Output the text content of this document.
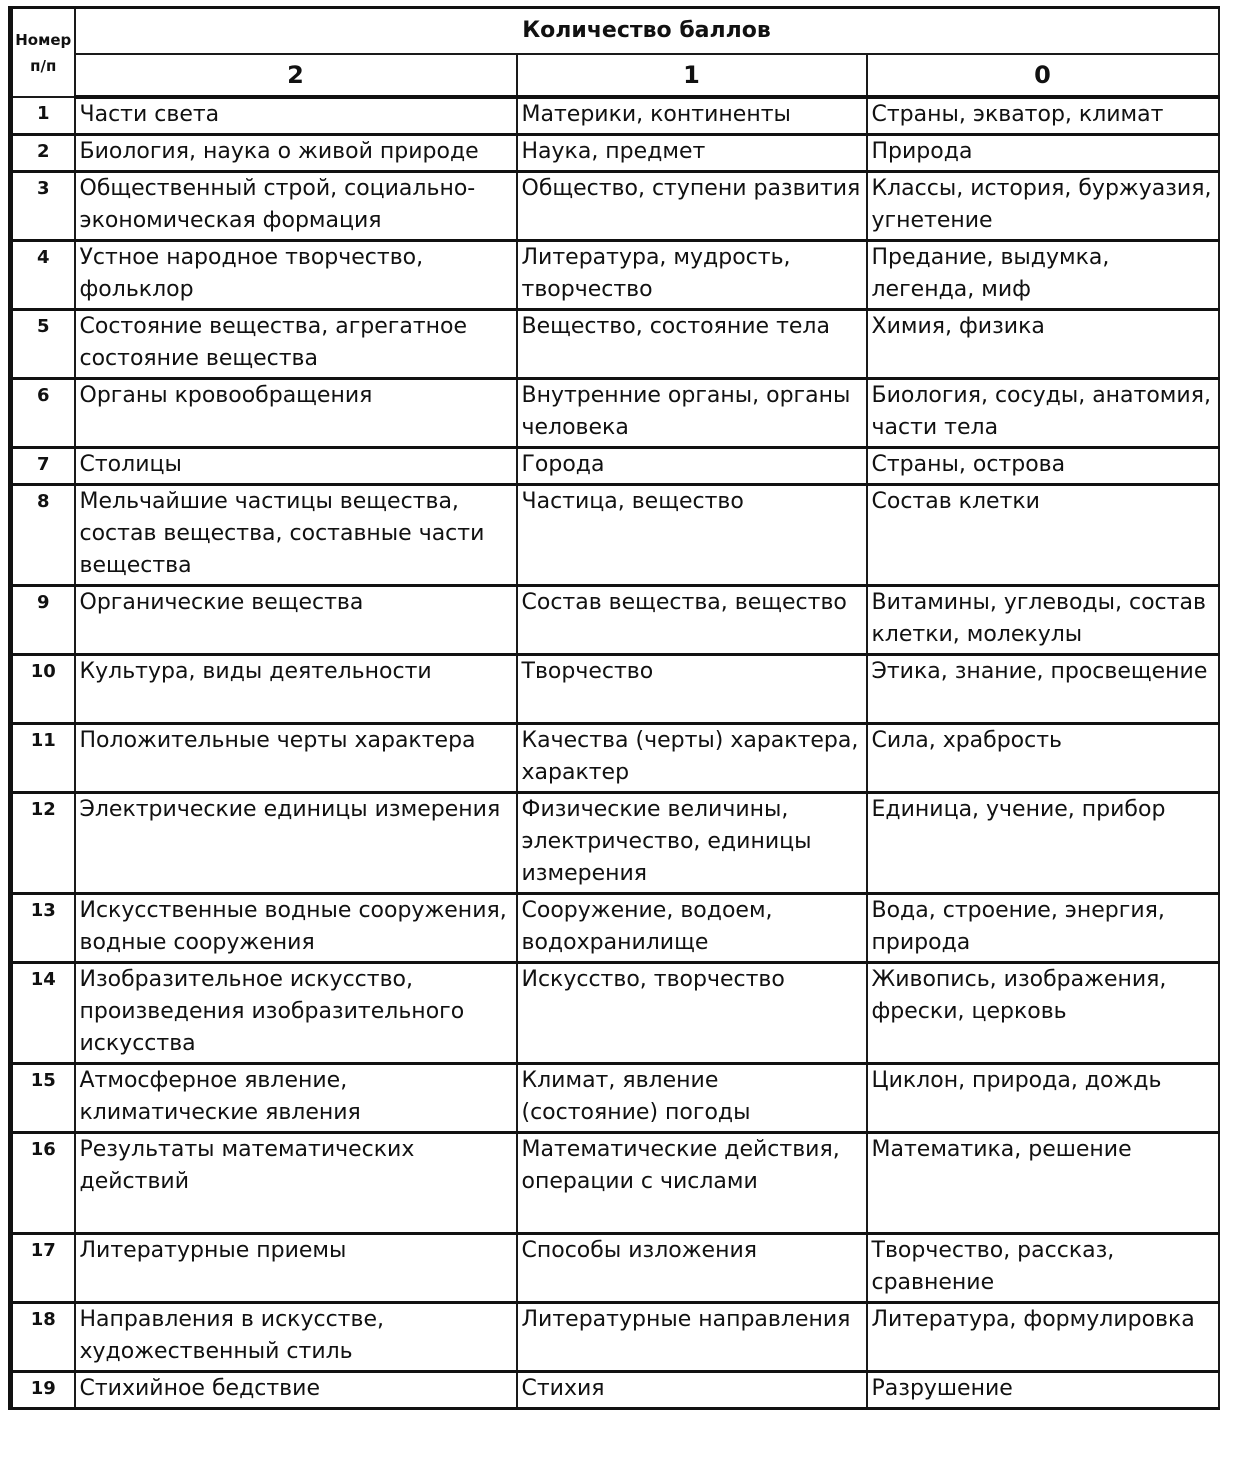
Номер п/п	Количество баллов		
	2	1	0
1	Части света	Материки, континенты	Страны, экватор, климат
2	Биология, наука о живой природе	Наука, предмет	Природа
3	Общественный строй, социально-экономическая формация	Общество, ступени развития	Классы, история, буржуазия, угнетение
4	Устное народное творчество, фольклор	Литература, мудрость, творчество	Предание, выдумка, легенда, миф
5	Состояние вещества, агрегатное состояние вещества	Вещество, состояние тела	Химия, физика
6	Органы кровообращения	Внутренние органы, органы человека	Биология, сосуды, анатомия, части тела
7	Столицы	Города	Страны, острова
8	Мельчайшие частицы вещества, состав вещества, составные части вещества	Частица, вещество	Состав клетки
9	Органические вещества	Состав вещества, вещество	Витамины, углеводы, состав клетки, молекулы
10	Культура, виды деятельности	Творчество	Этика, знание, просвещение
11	Положительные черты характера	Качества (черты) характера, характер	Сила, храбрость
12	Электрические единицы измерения	Физические величины, электричество, единицы измерения	Единица, учение, прибор
13	Искусственные водные сооружения, водные сооружения	Сооружение, водоем, водохранилище	Вода, строение, энергия, природа
14	Изобразительное искусство, произведения изобразительного искусства	Искусство, творчество	Живопись, изображения, фрески, церковь
15	Атмосферное явление, климатические явления	Климат, явление (состояние) погоды	Циклон, природа, дождь
16	Результаты математических действий	Математические действия, операции с числами	Математика, решение
17	Литературные приемы	Способы изложения	Творчество, рассказ, сравнение
18	Направления в искусстве, художественный стиль	Литературные направления	Литература, формулировка
19	Стихийное бедствие	Стихия	Разрушение
